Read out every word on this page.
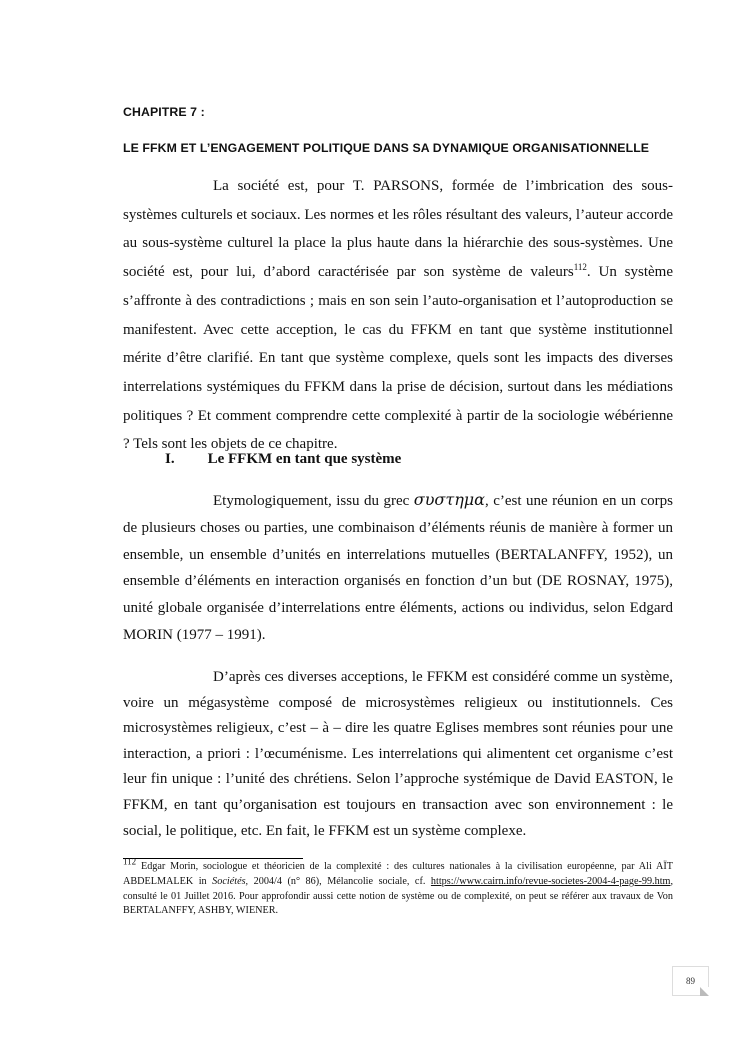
CHAPITRE 7 :
LE FFKM ET L’ENGAGEMENT POLITIQUE DANS SA DYNAMIQUE ORGANISATIONNELLE

La société est, pour T. PARSONS, formée de l’imbrication des sous-systèmes culturels et sociaux. Les normes et les rôles résultant des valeurs, l’auteur accorde au sous-système culturel la place la plus haute dans la hiérarchie des sous-systèmes. Une société est, pour lui, d’abord caractérisée par son système de valeurs$^{112}$. Un système s’affronte à des contradictions ; mais en son sein l’auto-organisation et l’autoproduction se manifestent. Avec cette acception, le cas du FFKM en tant que système institutionnel mérite d’être clarifié. En tant que système complexe, quels sont les impacts des diverses interrelations systémiques du FFKM dans la prise de décision, surtout dans les médiations politiques ? Et comment comprendre cette complexité à partir de la sociologie wébérienne ? Tels sont les objets de ce chapitre.

I. Le FFKM en tant que système

Etymologiquement, issu du grec συστημα, c’est une réunion en un corps de plusieurs choses ou parties, une combinaison d’éléments réunis de manière à former un ensemble, un ensemble d’unités en interrelations mutuelles (BERTALANFFY, 1952), un ensemble d’éléments en interaction organisés en fonction d’un but (DE ROSNAY, 1975), unité globale organisée d’interrelations entre éléments, actions ou individus, selon Edgard MORIN (1977 – 1991).

D’après ces diverses acceptions, le FFKM est considéré comme un système, voire un mégasystème composé de microsystèmes religieux ou institutionnels. Ces microsystèmes religieux, c’est – à – dire les quatre Eglises membres sont réunies pour une interaction, a priori : l’œcuménisme. Les interrelations qui alimentent cet organisme c’est leur fin unique : l’unité des chrétiens. Selon l’approche systémique de David EASTON, le FFKM, en tant qu’organisation est toujours en transaction avec son environnement : le social, le politique, etc. En fait, le FFKM est un système complexe.

$^{112}$ Edgar Morin, sociologue et théoricien de la complexité : des cultures nationales à la civilisation européenne, par Ali AÏT ABDELMALEK in Sociétés, 2004/4 (n° 86), Mélancolie sociale, cf. https://www.cairn.info/revue-societes-2004-4-page-99.htm, consulté le 01 Juillet 2016. Pour approfondir aussi cette notion de système ou de complexité, on peut se référer aux travaux de Von BERTALANFFY, ASHBY, WIENER.
89
